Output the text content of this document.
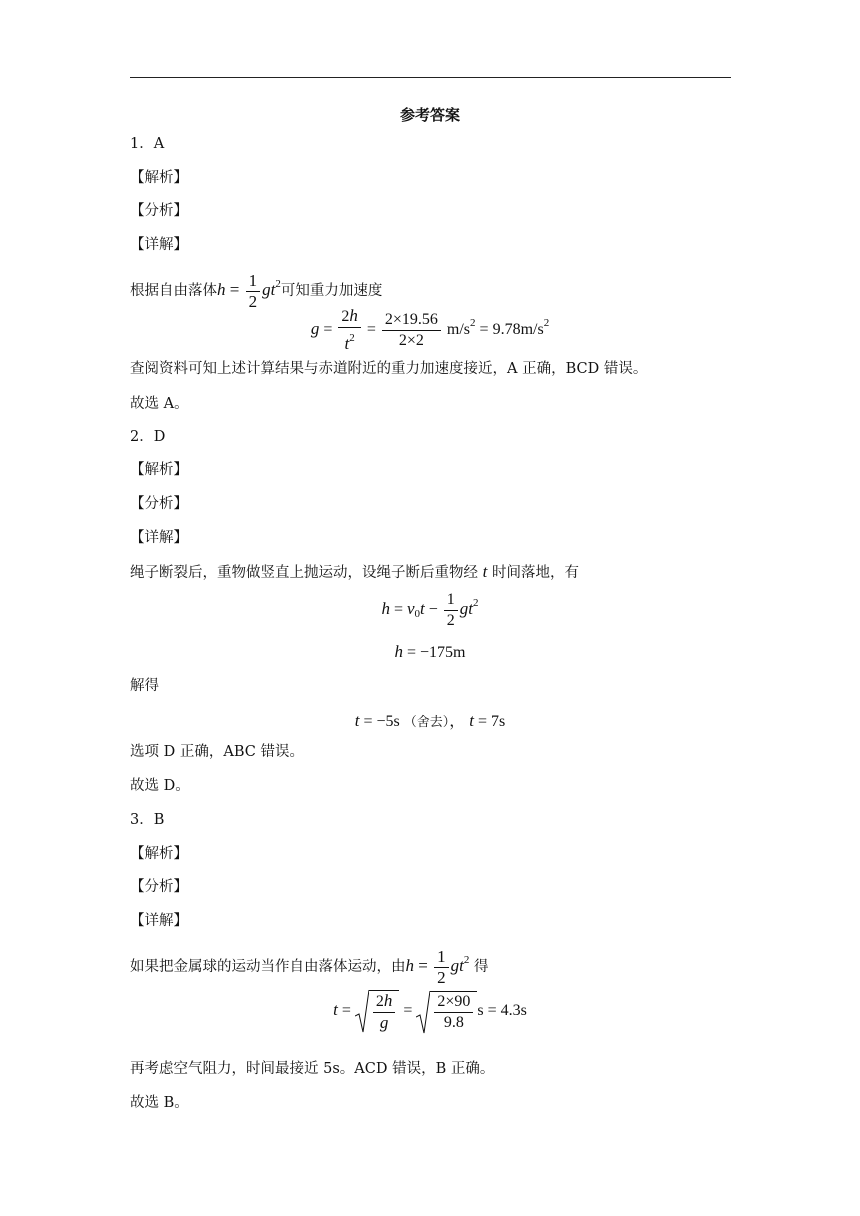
参考答案
1．A
【解析】
【分析】
【详解】
根据自由落体$h = \frac{1}{2} gt^2$可知重力加速度
$g = \frac{2h}{t^2} = \frac{2\times 19.56}{2\times 2} m/s^2 = 9.78m/s^2$
查阅资料可知上述计算结果与赤道附近的重力加速度接近，A 正确，BCD 错误。
故选 A。
2．D
【解析】
【分析】
【详解】
绳子断裂后，重物做竖直上抛运动，设绳子断后重物经 t 时间落地，有
$h = v_0t - \frac{1}{2} gt^2$
h = −175m
解得
t = −5s （舍去）， t = 7s
选项 D 正确，ABC 错误。
故选 D。
3．B
【解析】
【分析】
【详解】
如果把金属球的运动当作自由落体运动，由$h = \frac{1}{2} gt^2$ 得
$t = \frac{2h}{g} = \frac{2\times 90}{9.8}$ s = 4.3s
再考虑空气阻力，时间最接近 5s。ACD 错误，B 正确。
故选 B。
